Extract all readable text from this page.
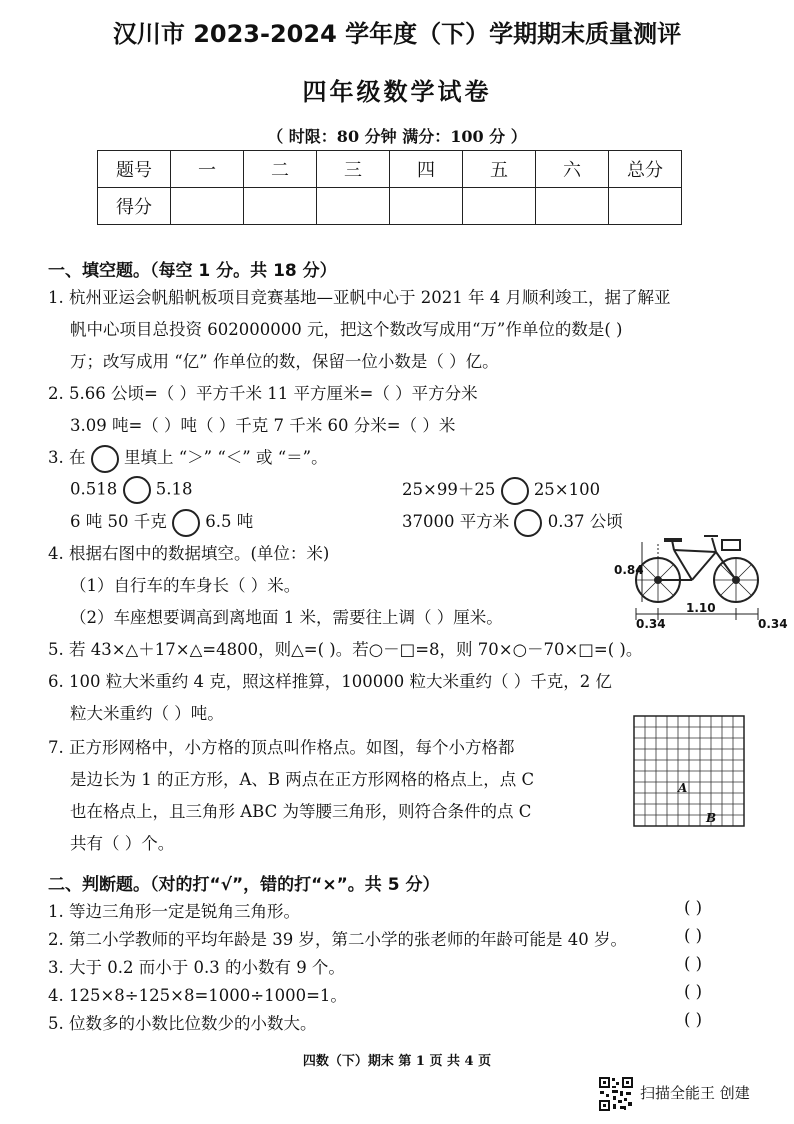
汉川市 2023-2024 学年度（下）学期期末质量测评
四年级数学试卷
（ 时限：80 分钟 满分：100 分 ）
题号	一	二	三	四	五	六	总分
得分							
一、填空题。（每空 1 分。共 18 分）
1. 杭州亚运会帆船帆板项目竞赛基地—亚帆中心于 2021 年 4 月顺利竣工，据了解亚
帆中心项目总投资 602000000 元，把这个数改写成用“万”作单位的数是( )
万；改写成用 “亿” 作单位的数，保留一位小数是（ ）亿。
2. 5.66 公顷=（ ）平方千米 11 平方厘米=（ ）平方分米
3.09 吨=（ ）吨（ ）千克 7 千米 60 分米=（ ）米
3. 在 里填上 “＞” “＜” 或 “＝”。
0.518 5.18	25×99＋25 25×100
6 吨 50 千克 6.5 吨	37000 平方米 0.37 公顷
4. 根据右图中的数据填空。(单位：米)
（1）自行车的车身长（ ）米。
（2）车座想要调高到离地面 1 米，需要往上调（ ）厘米。
0.84
0.34
1.10
0.34
5. 若 43×△＋17×△=4800，则△=( )。若○－□=8，则 70×○－70×□=( )。
6. 100 粒大米重约 4 克，照这样推算，100000 粒大米重约（ ）千克，2 亿
粒大米重约（ ）吨。
7. 正方形网格中，小方格的顶点叫作格点。如图，每个小方格都
是边长为 1 的正方形，A、B 两点在正方形网格的格点上，点 C
也在格点上，且三角形 ABC 为等腰三角形，则符合条件的点 C
共有（ ）个。
A
B
二、判断题。（对的打“√”，错的打“×”。共 5 分）
1. 等边三角形一定是锐角三角形。	( )
2. 第二小学教师的平均年龄是 39 岁，第二小学的张老师的年龄可能是 40 岁。	( )
3. 大于 0.2 而小于 0.3 的小数有 9 个。	( )
4. 125×8÷125×8=1000÷1000=1。	( )
5. 位数多的小数比位数少的小数大。	( )
四数（下）期末 第 1 页 共 4 页
扫描全能王 创建
